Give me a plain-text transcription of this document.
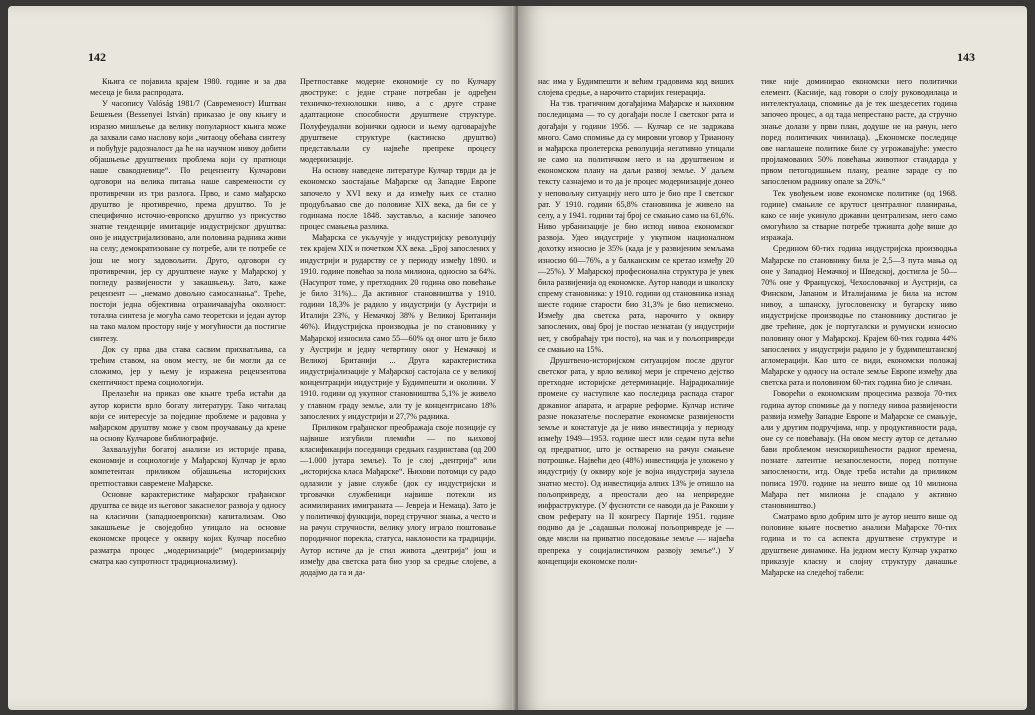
142

Књига се појавила крајем 1980. године и за два месеца је била распродата.

У часопису Valóság 1981/7 (Савременост) Иштван Бешењеи (Bessenyei István) приказао је ову књигу и изразио мишљење да велику популарност књига може да захвали само насловy који „читаоцу обећава синтезу и побуђује радозналост да ће на научном нивоу добити објашњење друштвених проблема који су пратиоци наше свакодневице“. По рецензенту Кулчарови одговори на велика питања наше савремености су противречни из три разлога. Прво, и само мађарско друштво је противречно, према друштво. То је специфично источно-европско друштво уз присуство знатне тенденције имитације индустријског друштва: оно је индустријализовано, али половина радника живи на селу; демократизоване су потребе, али те потребе се још не могу задовољити. Друго, одговори су противречни, јер су друштвене науке у Мађарској у погледу развијености у закашњењу. Зато, каже рецензент — „немамо довољно самосазнања“. Треће, постоји једна објективна ограничавајућа околност: тотална синтеза је могућа само теоретски и један аутор на тако малом простору није у могућности да постигне синтезу.

Док су прва два става сасвим прихватљива, са трећим ставом, на овом месту, не би могли да се сложимо, јер у њему је изражена рецензентова скептичност према социологији.

Прелазећи на приказ ове књиге треба истаћи да аутор користи врло богату литературу. Тако читалац који се интересује за поједине проблеме и радовна у мађарском друштву може у свом проучавању да крене на основу Кулчарове библиографије.

Захваљујући богатој анализи из историје права, економије и социологије у Мађарској Кулчар је врло компетентан приликом објашњења историјских претпоставки савремене Мађарске.

Основне карактеристике мађарског грађанског друштва се виде из његовог закаснелог развоја у односу на класични (западноевропски) капитализам. Ово закашњење је своједобно утицало на основне економске процесе у оквиру којих Кулчар посебно разматра процес „модернизације“ (модернизацију сматра као супротност традиционализму).

Претпоставке модерне економије су по Кулчару двоструке: с једне стране потребан је одређен техничко-технолошки ниво, а с друге стране адаптационе способности друштвене структуре. Полуфеудални војнички односи и њему одговарајуће друштвене структуре (кастинско друштво) представљали су највеће препреке процесу модернизације.

На основу наведене литературе Кулчар тврди да је економско заостајање Мађарске од Западне Европе започело у XVI веку и да између њих се стално продубљавао све до половине XIX века, да би се у годинама после 1848. заустављо, а касније започео процес смањења разлика.

Мађарска се укључује у индустријску револуцију тек крајем XIX и почетком XX века. „Број запослених у индустрији и рударству се у периоду између 1890. и 1910. године повећао за пола милиона, односно за 64%. (Насупрот томе, у претходних 20 година ово повећање је било 31%)... Да активног становништва у 1910. години 18,3% је радило у индустрији (у Аустрији и Италији 23%, у Немачкој 38% у Великој Британији 46%). Индустријска производња је по становнику у Мађарској износила само 55—60% од оног што је било у Аустрији и једну четвртину оног у Немачкој и Великој Британији ... Друга карактеристика индустријализације у Мађарској састојала се у великој концентрацији индустрије у Будимпешти и околини. У 1910. години од укупног становништва 5,1% је живело у главном граду земље, али ту је концентрисано 18% запослених у индустрији и 27,7% радника.

Приликом грађанског преображаја своје позиције су највише изгубили племићи — по њиховој класификацији поседници средњих газдинстава (од 200—1.000 јутара земље). То је слој „дентрија“ или „историјска класа Мађарске“. Њихови потомци су радо одлазили у јавне службе (док су индустријски и трговачки службеници највише потекли из асимилираних имиграната — Јевреја и Немаца). Зато је у политичкој функцији, поред стручног знања, а често и на рачун стручности, велику улогу играло поштовање породичног порекла, статуса, наклоности ка традицији. Аутор истиче да је стил живота „дентрија“ још и између два светска рата био узор за средње слојеве, а додајмо да га и да-

143

нас има у Будимпешти и већим градовима код виших слојева средње, а нарочито старијих генерација.

На тзв. трагичним догађајима Мађарске и њиховим последицама — то су догађаји после I светског рата и догађаји у години 1956. — Кулчар се не задржава много. Само спомиње да су мировни уговор у Трианону и мађарска пролетерска револуција негативно утицали не само на политичком него и на друштвеном и економском плану на даљи развој земље. У даљем тексту сазнајемо и то да је процес модернизације донео у неповољну ситуацију него што је био пре I светског рат. У 1910. години 65,8% становника је живело на селу, а у 1941. години тај број се смањио само на 61,6%. Ниво урбанизације је био испод нивоа економског развоја. Удео индустрије у укупном националном дохотку износио је 35% (када је у развијеним земљама износио 60—76%, а у балканским се кретао између 20—25%). У Мађарској професионална структура је увек била развијенија од економске. Аутор наводи и школску спрему становника: у 1910. години од становника изнад шесте године старости био 31,3% је био неписмено. Између два светска рата, нарочито у оквиру запослених, овај број је постао незнатан (у индустрији нет, у свобраћају три посто), на чак и у пољопривреди се смањио на 15%.

Друштвено-историјском ситуацијом после другог светског рата, у врло великој мери је спречено дејство претходне историјске детерминације. Најрадикалније промене су наступиле као последица распада старог државног апарата, и аграрне реформе. Кулчар истиче разне показатеље послератне економске развијености земље и констатује да је ниво инвестиција у периоду између 1949—1953. године шест или седам пута већи од предратног, што је остварено на рачун смањене потрошње. Највећи део (48%) инвестиција је уложено у индустрију (у оквиру које је војна индустрија заузела знатно место). Од инвестиција алпих 13% је отишло на пољопривреду, а преостали део на неприредне инфраструктуре. (У фуснотсти се наводи да је Ракоши у свом реферату на II конгресу Партије 1951. године поднво да је „садашњи положај пољопривреде је — овде мисли на приватно поседовање земље — највећа препрека у социјалистичком развоју земље“.) У концепцији економске поли-

тике није доминирао економски него политички елемент. (Касније, кад говори о слоју руководилаца и интелектуалаца, спомиње да је тек шездесетих година започео процес, а од тада непрестано расте, да стручно знање долази у први план, додуше не на рачун, него поред политичких чинилаца). „Економске последице ове наглашене политике биле су угрожавајуће: уместо пројламованих 50% повећања животног стандарда у првом петогодишњем плану, реалне зараде су по запосленом раднику опале за 20%.“

Тек увођењем нове економске политике (од 1968. године) смањиле се крутост централног планирања, како се није укинуло државни централизам, него само омогућило за стварне потребе тржишта дође више до изражаја.

Средином 60-тих година индустријска производња Мађарске по становнику била је 2,5—3 пута мања од оне у Западној Немачкој и Шведској, достигла је 50—70% оне у Француској, Чехословачкој и Аустрији, са Финском, Јапаном и Италијанима је била на истом нивоу, а шпанску, југословенску и бугарску ниво индустријске производње по становнику достигао је две трећине, док је португалски и румунски износио половину оног у Мађарској. Крајем 60-тих година 44% запослених у индустрији радило је у будимпештанској агломерацији. Као што се види, економски положај Мађарске у односу на остале земље Европе између два светска рата и половином 60-тих година био је сличан.

Говорећи о економским процесима развоја 70-тих година аутор спомиње да у погледу нивоа развијености развија између Западне Европе и Мађарске се смањује, али у другим подручјима, нпр. у продуктивности рада, оне су се повећавају. (На овом месту аутор се детаљно бави проблемом неискоришћености радног времена, познате латентне незапослености, поред потпуне запослености, итд. Овде треба истаћи да приликом пописа 1970. године на нешто више од 10 милиона Мађара пет милиона је спадало у активно становништво.)

Сматрамо врло добрим што је аутор нешто више од половине књиге посветио анализи Мађарске 70-тих година и то са аспекта друштвене структуре и друштвене динамике. На једном месту Кулчар укратко приказује класну и слојну структуру данашње Мађарске на следећој табели:
